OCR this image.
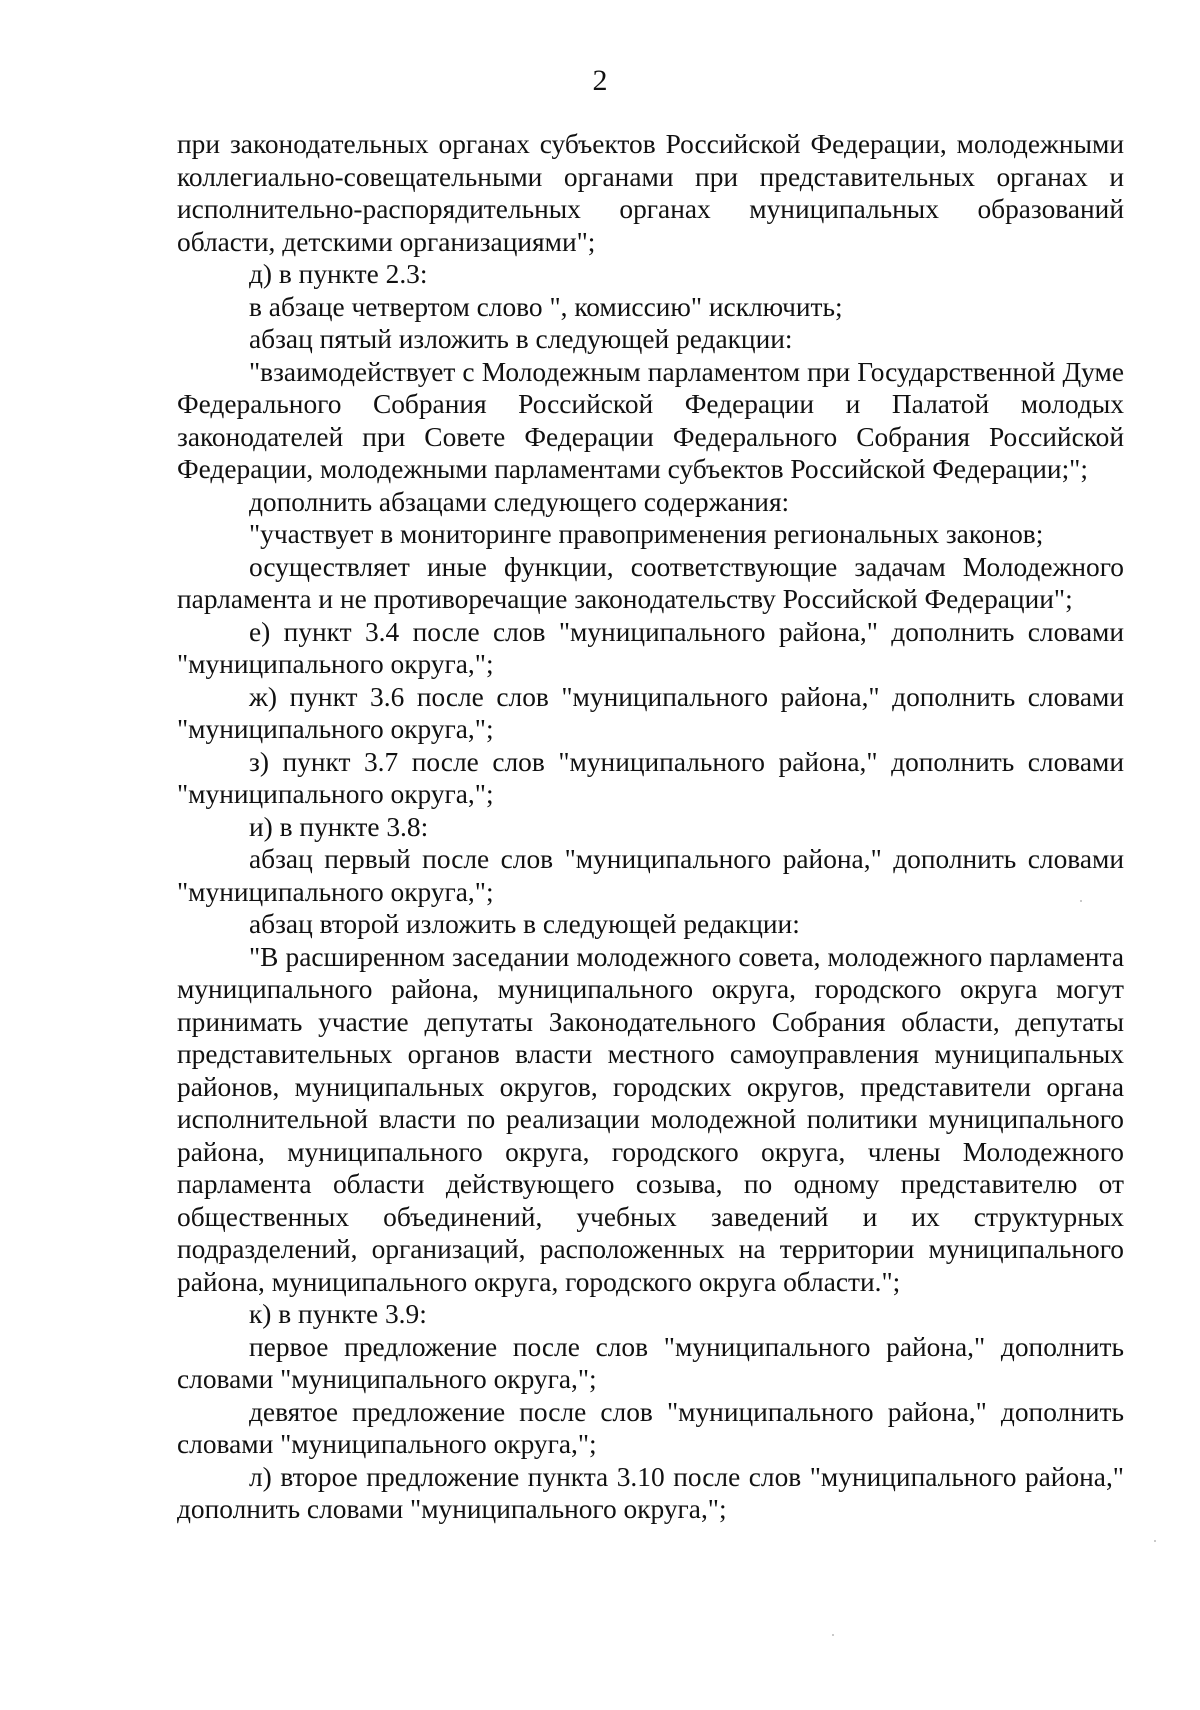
2

при законодательных органах субъектов Российской Федерации, молодежными коллегиально-совещательными органами при представительных органах и исполнительно-распорядительных органах муниципальных образований области, детскими организациями";

д) в пункте 2.3:

в абзаце четвертом слово ", комиссию" исключить;

абзац пятый изложить в следующей редакции:

"взаимодействует с Молодежным парламентом при Государственной Думе Федерального Собрания Российской Федерации и Палатой молодых законодателей при Совете Федерации Федерального Собрания Российской Федерации, молодежными парламентами субъектов Российской Федерации;";

дополнить абзацами следующего содержания:

"участвует в мониторинге правоприменения региональных законов;

осуществляет иные функции, соответствующие задачам Молодежного парламента и не противоречащие законодательству Российской Федерации";

е) пункт 3.4 после слов "муниципального района," дополнить словами "муниципального округа,";

ж) пункт 3.6 после слов "муниципального района," дополнить словами "муниципального округа,";

з) пункт 3.7 после слов "муниципального района," дополнить словами "муниципального округа,";

и) в пункте 3.8:

абзац первый после слов "муниципального района," дополнить словами "муниципального округа,";

абзац второй изложить в следующей редакции:

"В расширенном заседании молодежного совета, молодежного парламента муниципального района, муниципального округа, городского округа могут принимать участие депутаты Законодательного Собрания области, депутаты представительных органов власти местного самоуправления муниципальных районов, муниципальных округов, городских округов, представители органа исполнительной власти по реализации молодежной политики муниципального района, муниципального округа, городского округа, члены Молодежного парламента области действующего созыва, по одному представителю от общественных объединений, учебных заведений и их структурных подразделений, организаций, расположенных на территории муниципального района, муниципального округа, городского округа области.";

к) в пункте 3.9:

первое предложение после слов "муниципального района," дополнить словами "муниципального округа,";

девятое предложение после слов "муниципального района," дополнить словами "муниципального округа,";

л) второе предложение пункта 3.10 после слов "муниципального района," дополнить словами "муниципального округа,";
